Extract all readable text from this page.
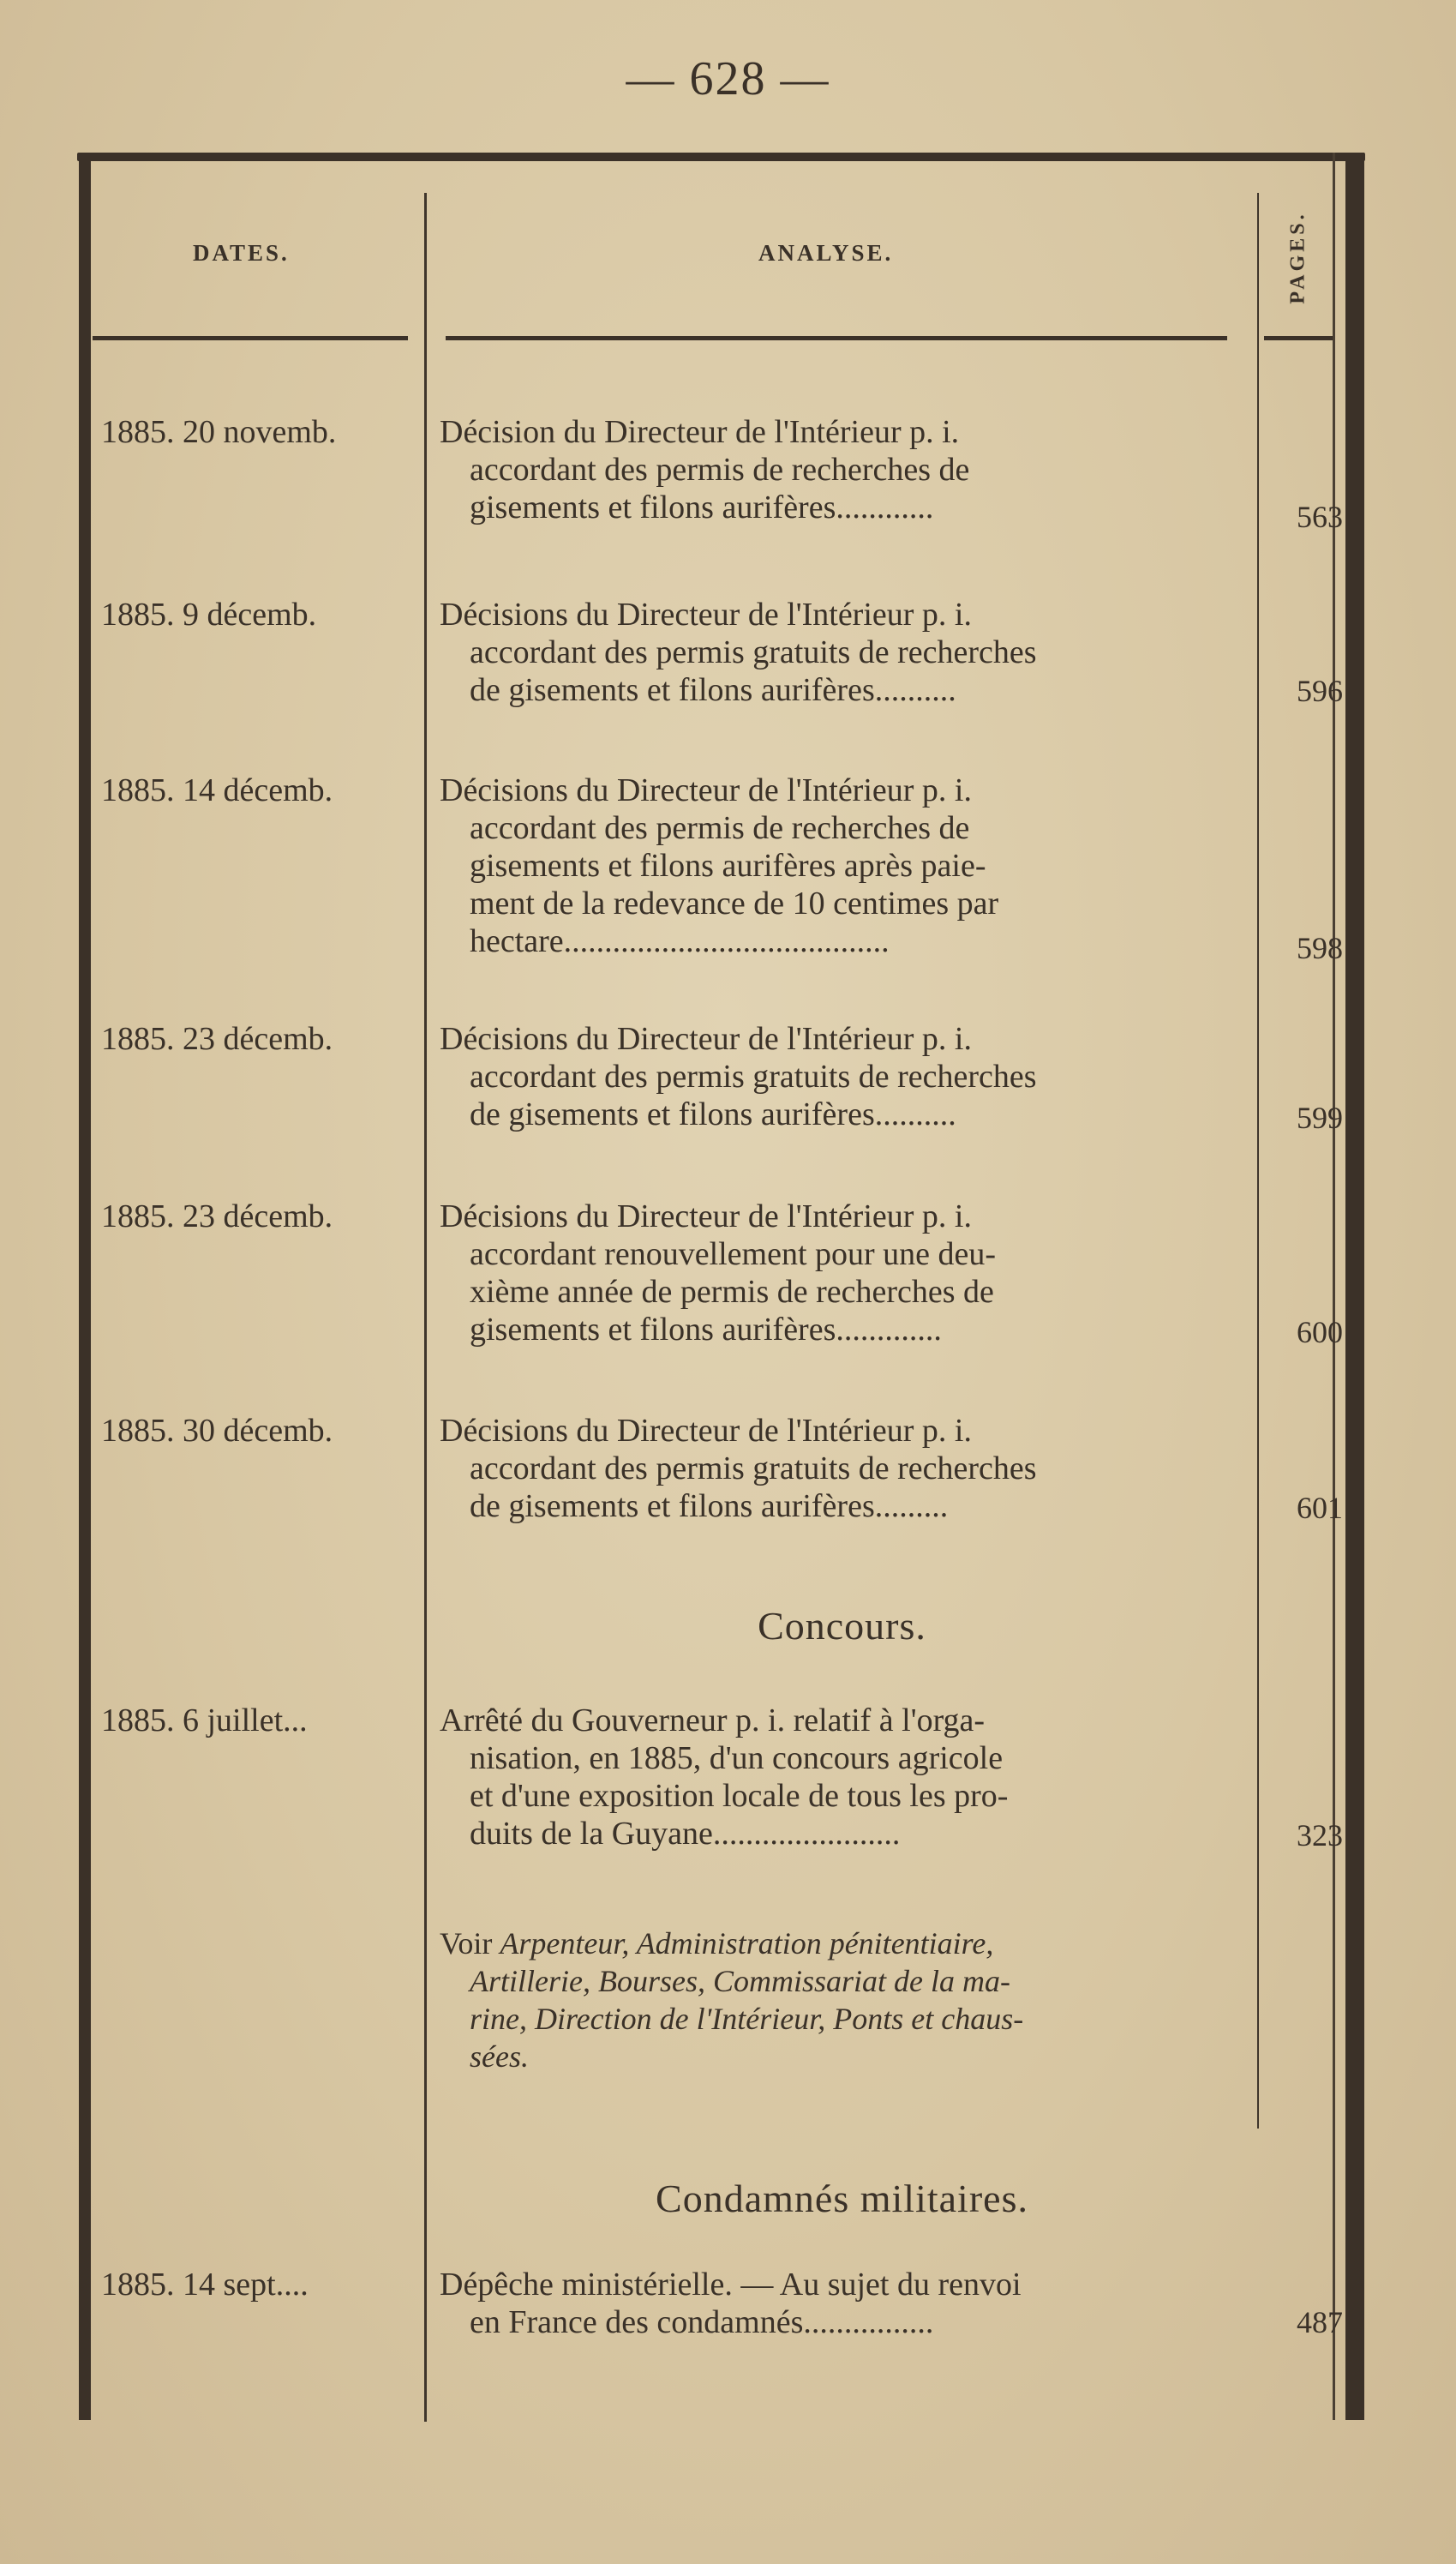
— 628 —
DATES.	ANALYSE.	PAGES.
1885. 20 novemb.	Décision du Directeur de l'Intérieur p. i.
accordant des permis de recherches de
gisements et filons aurifères............	563
1885. 9 décemb.	Décisions du Directeur de l'Intérieur p. i.
accordant des permis gratuits de recherches
de gisements et filons aurifères..........	596
1885. 14 décemb.	Décisions du Directeur de l'Intérieur p. i.
accordant des permis de recherches de
gisements et filons aurifères après paie-
ment de la redevance de 10 centimes par
hectare........................................	598
1885. 23 décemb.	Décisions du Directeur de l'Intérieur p. i.
accordant des permis gratuits de recherches
de gisements et filons aurifères..........	599
1885. 23 décemb.	Décisions du Directeur de l'Intérieur p. i.
accordant renouvellement pour une deu-
xième année de permis de recherches de
gisements et filons aurifères.............	600
1885. 30 décemb.	Décisions du Directeur de l'Intérieur p. i.
accordant des permis gratuits de recherches
de gisements et filons aurifères.........	601
Concours.
1885. 6 juillet...	Arrêté du Gouverneur p. i. relatif à l'orga-
nisation, en 1885, d'un concours agricole
et d'une exposition locale de tous les pro-
duits de la Guyane.......................	323
Voir Arpenteur, Administration pénitentiaire,
Artillerie, Bourses, Commissariat de la ma-
rine, Direction de l'Intérieur, Ponts et chaus-
sées.
Condamnés militaires.
1885. 14 sept....	Dépêche ministérielle. — Au sujet du renvoi
en France des condamnés................	487
